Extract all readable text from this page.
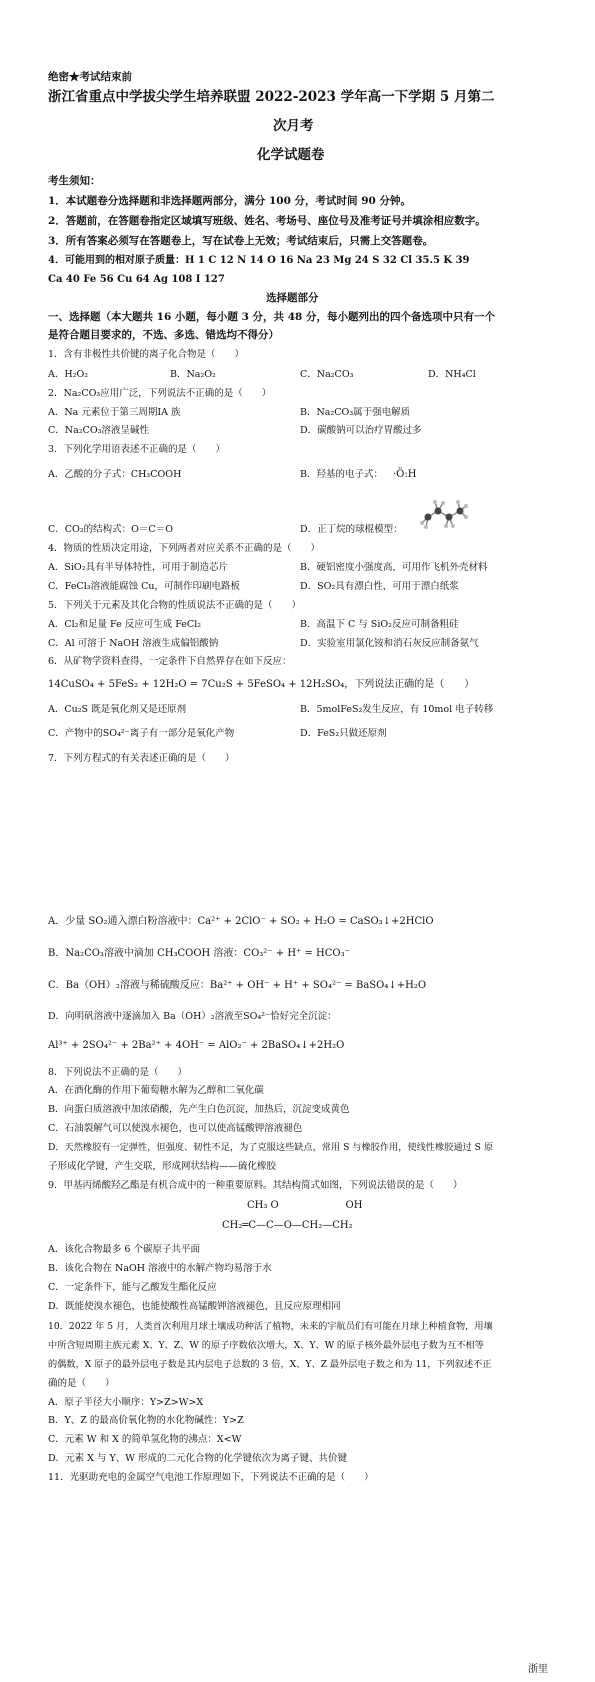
绝密★考试结束前
浙江省重点中学拔尖学生培养联盟 2022-2023 学年高一下学期 5 月第二
次月考
化学试题卷
考生须知：
1．本试题卷分选择题和非选择题两部分，满分 100 分，考试时间 90 分钟。
2．答题前，在答题卷指定区域填写班级、姓名、考场号、座位号及准考证号并填涂相应数字。
3．所有答案必须写在答题卷上，写在试卷上无效；考试结束后，只需上交答题卷。
4．可能用到的相对原子质量：H 1 C 12 N 14 O 16 Na 23 Mg 24 S 32 Cl 35.5 K 39
Ca 40 Fe 56 Cu 64 Ag 108 I 127
选择题部分
一、选择题（本大题共 16 小题，每小题 3 分，共 48 分，每小题列出的四个备选项中只有一个
是符合题目要求的，不选、多选、错选均不得分）
1．含有非极性共价键的离子化合物是（　　）
A．H₂O₂	B．Na₂O₂	C．Na₂CO₃	D．NH₄Cl
2．Na₂CO₃应用广泛，下列说法不正确的是（　　）
A．Na 元素位于第三周期ⅠA 族	B．Na₂CO₃属于强电解质
C．Na₂CO₃溶液呈碱性	D．碳酸钠可以治疗胃酸过多
3．下列化学用语表述不正确的是（　　）
A．乙酸的分子式：CH₃COOH	B．羟基的电子式： ·Ö:H
C．CO₂的结构式：O＝C＝O	D．正丁烷的球棍模型：
4．物质的性质决定用途，下列两者对应关系不正确的是（　　）
A．SiO₂具有半导体特性，可用于制造芯片	B．硬铝密度小强度高，可用作飞机外壳材料
C．FeCl₃溶液能腐蚀 Cu，可制作印刷电路板	D．SO₂具有漂白性，可用于漂白纸浆
5．下列关于元素及其化合物的性质说法不正确的是（　　）
A．Cl₂和足量 Fe 反应可生成 FeCl₂	B．高温下 C 与 SiO₂反应可制备粗硅
C．Al 可溶于 NaOH 溶液生成偏铝酸钠	D．实验室用氯化铵和消石灰反应制备氨气
6．从矿物学资料查得，一定条件下自然界存在如下反应：
14CuSO₄ + 5FeS₂ + 12H₂O = 7Cu₂S + 5FeSO₄ + 12H₂SO₄，下列说法正确的是（　　）
A．Cu₂S 既是氧化剂又是还原剂	B．5molFeS₂发生反应，有 10mol 电子转移
C．产物中的SO₄²⁻离子有一部分是氧化产物	D．FeS₂只做还原剂
7．下列方程式的有关表述正确的是（　　）
A．少量 SO₂通入漂白粉溶液中：Ca²⁺ + 2ClO⁻ + SO₂ + H₂O = CaSO₃↓+2HClO
B．Na₂CO₃溶液中滴加 CH₃COOH 溶液：CO₃²⁻ + H⁺ = HCO₃⁻
C．Ba（OH）₂溶液与稀硫酸反应：Ba²⁺ + OH⁻ + H⁺ + SO₄²⁻ = BaSO₄↓+H₂O
D．向明矾溶液中逐滴加入 Ba（OH）₂溶液至SO₄²⁻恰好完全沉淀：
Al³⁺ + 2SO₄²⁻ + 2Ba²⁺ + 4OH⁻ = AlO₂⁻ + 2BaSO₄↓+2H₂O
8．下列说法不正确的是（　　）
A．在酒化酶的作用下葡萄糖水解为乙醇和二氧化碳
B．向蛋白质溶液中加浓硝酸，先产生白色沉淀，加热后，沉淀变成黄色
C．石油裂解气可以使溴水褪色，也可以使高锰酸钾溶液褪色
D．天然橡胶有一定弹性，但强度、韧性不足，为了克服这些缺点，常用 S 与橡胶作用，使线性橡胶通过 S 原
子形成化学键，产生交联，形成网状结构——硫化橡胶
9．甲基丙烯酸羟乙酯是有机合成中的一种重要原料。其结构简式如图，下列说法错误的是（　　）
CH₃ O                     OH
CH₂═C—C—O—CH₂—CH₂
A．该化合物最多 6 个碳原子共平面
B．该化合物在 NaOH 溶液中的水解产物均易溶于水
C．一定条件下，能与乙酸发生酯化反应
D．既能使溴水褪色，也能使酸性高锰酸钾溶液褪色，且反应原理相同
10．2022 年 5 月，人类首次利用月球土壤成功种活了植物，未来的宇航员们有可能在月球上种植食物，用壤
中所含短周期主族元素 X、Y、Z、W 的原子序数依次增大，X、Y、W 的原子核外最外层电子数为互不相等
的偶数，X 原子的最外层电子数是其内层电子总数的 3 倍，X、Y、Z 最外层电子数之和为 11，下列叙述不正
确的是（　　）
A．原子半径大小顺序：Y>Z>W>X
B．Y、Z 的最高价氧化物的水化物碱性：Y>Z
C．元素 W 和 X 的简单氢化物的沸点：X<W
D．元素 X 与 Y、W 形成的二元化合物的化学键依次为离子键、共价键
11．光驱助充电的金属空气电池工作原理如下，下列说法不正确的是（　　）
浙里
